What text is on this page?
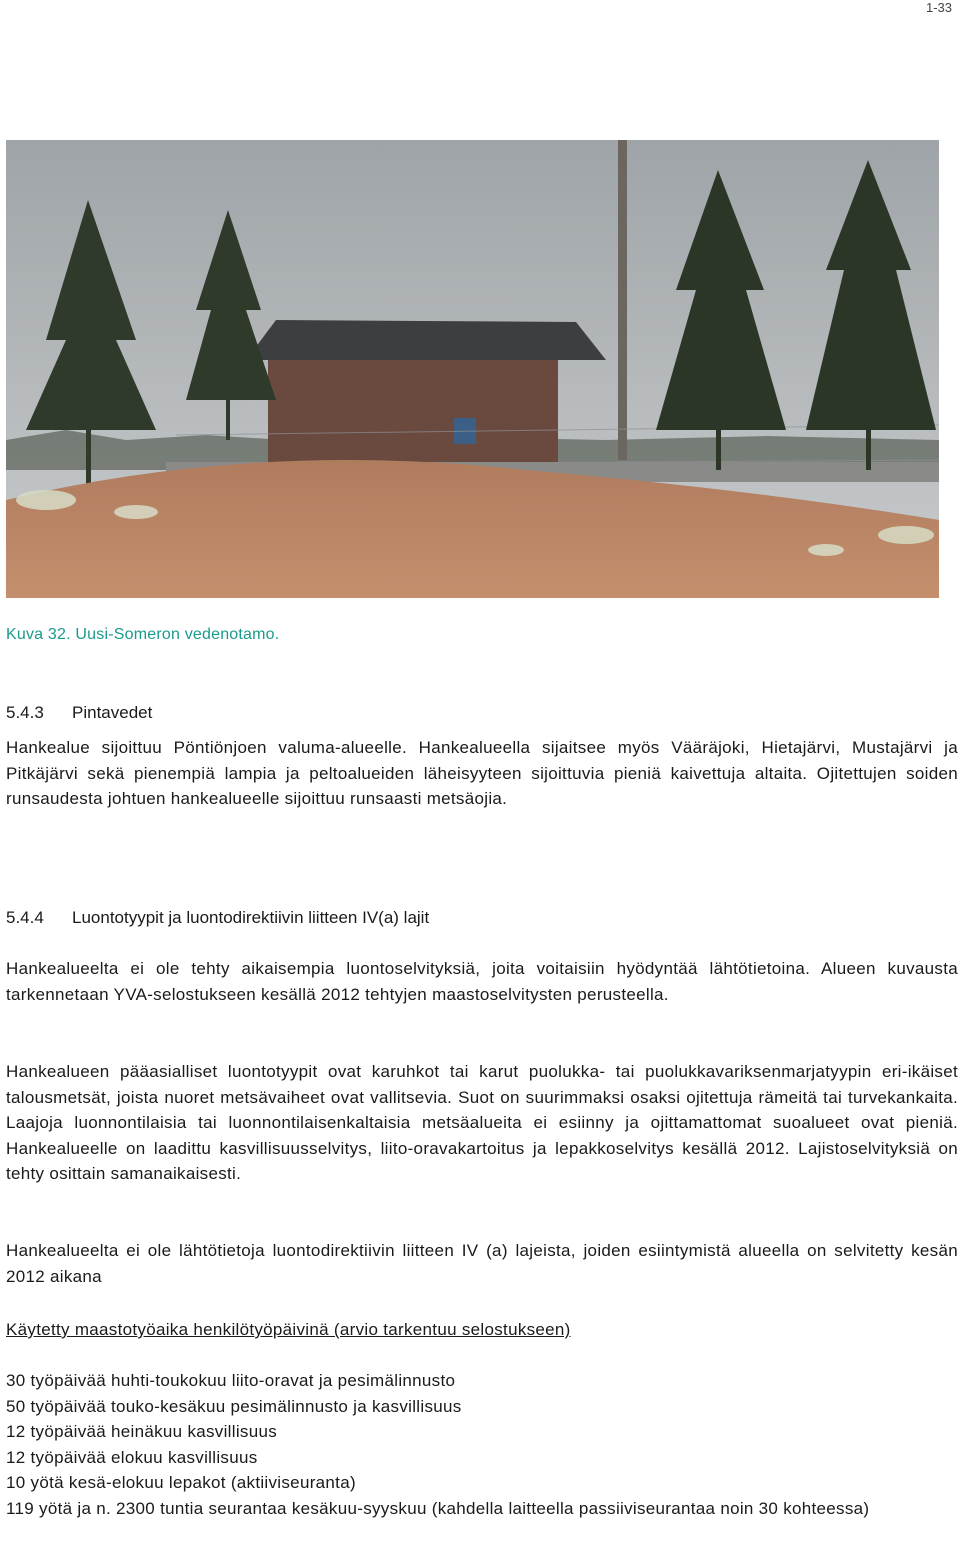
1-33
Kuva 32. Uusi-Someron vedenotamo.
5.4.3 Pintavedet

Hankealue sijoittuu Pöntiönjoen valuma-alueelle. Hankealueella sijaitsee myös Vääräjoki, Hietajärvi, Mustajärvi ja Pitkäjärvi sekä pienempiä lampia ja peltoalueiden läheisyyteen sijoittuvia pieniä kaivettuja altaita. Ojitettujen soiden runsaudesta johtuen hankealueelle sijoittuu runsaasti metsäojia.

5.4.4 Luontotyypit ja luontodirektiivin liitteen IV(a) lajit

Hankealueelta ei ole tehty aikaisempia luontoselvityksiä, joita voitaisiin hyödyntää lähtötietoina. Alueen kuvausta tarkennetaan YVA-selostukseen kesällä 2012 tehtyjen maastoselvitysten perusteella.

Hankealueen pääasialliset luontotyypit ovat karuhkot tai karut puolukka- tai puolukkavariksenmarjatyypin eri-ikäiset talousmetsät, joista nuoret metsävaiheet ovat vallitsevia. Suot on suurimmaksi osaksi ojitettuja rämeitä tai turvekankaita. Laajoja luonnontilaisia tai luonnontilaisenkaltaisia metsäalueita ei esiinny ja ojittamattomat suoalueet ovat pieniä. Hankealueelle on laadittu kasvillisuusselvitys, liito-oravakartoitus ja lepakkoselvitys kesällä 2012. Lajistoselvityksiä on tehty osittain samanaikaisesti.

Hankealueelta ei ole lähtötietoja luontodirektiivin liitteen IV (a) lajeista, joiden esiintymistä alueella on selvitetty kesän 2012 aikana

Käytetty maastotyöaika henkilötyöpäivinä (arvio tarkentuu selostukseen)
30 työpäivää huhti-toukokuu liito-oravat ja pesimälinnusto
50 työpäivää touko-kesäkuu pesimälinnusto ja kasvillisuus
12 työpäivää heinäkuu kasvillisuus
12 työpäivää elokuu kasvillisuus
10 yötä kesä-elokuu lepakot (aktiiviseuranta)
119 yötä ja n. 2300 tuntia seurantaa kesäkuu-syyskuu (kahdella laitteella passiiviseurantaa noin 30 kohteessa)
